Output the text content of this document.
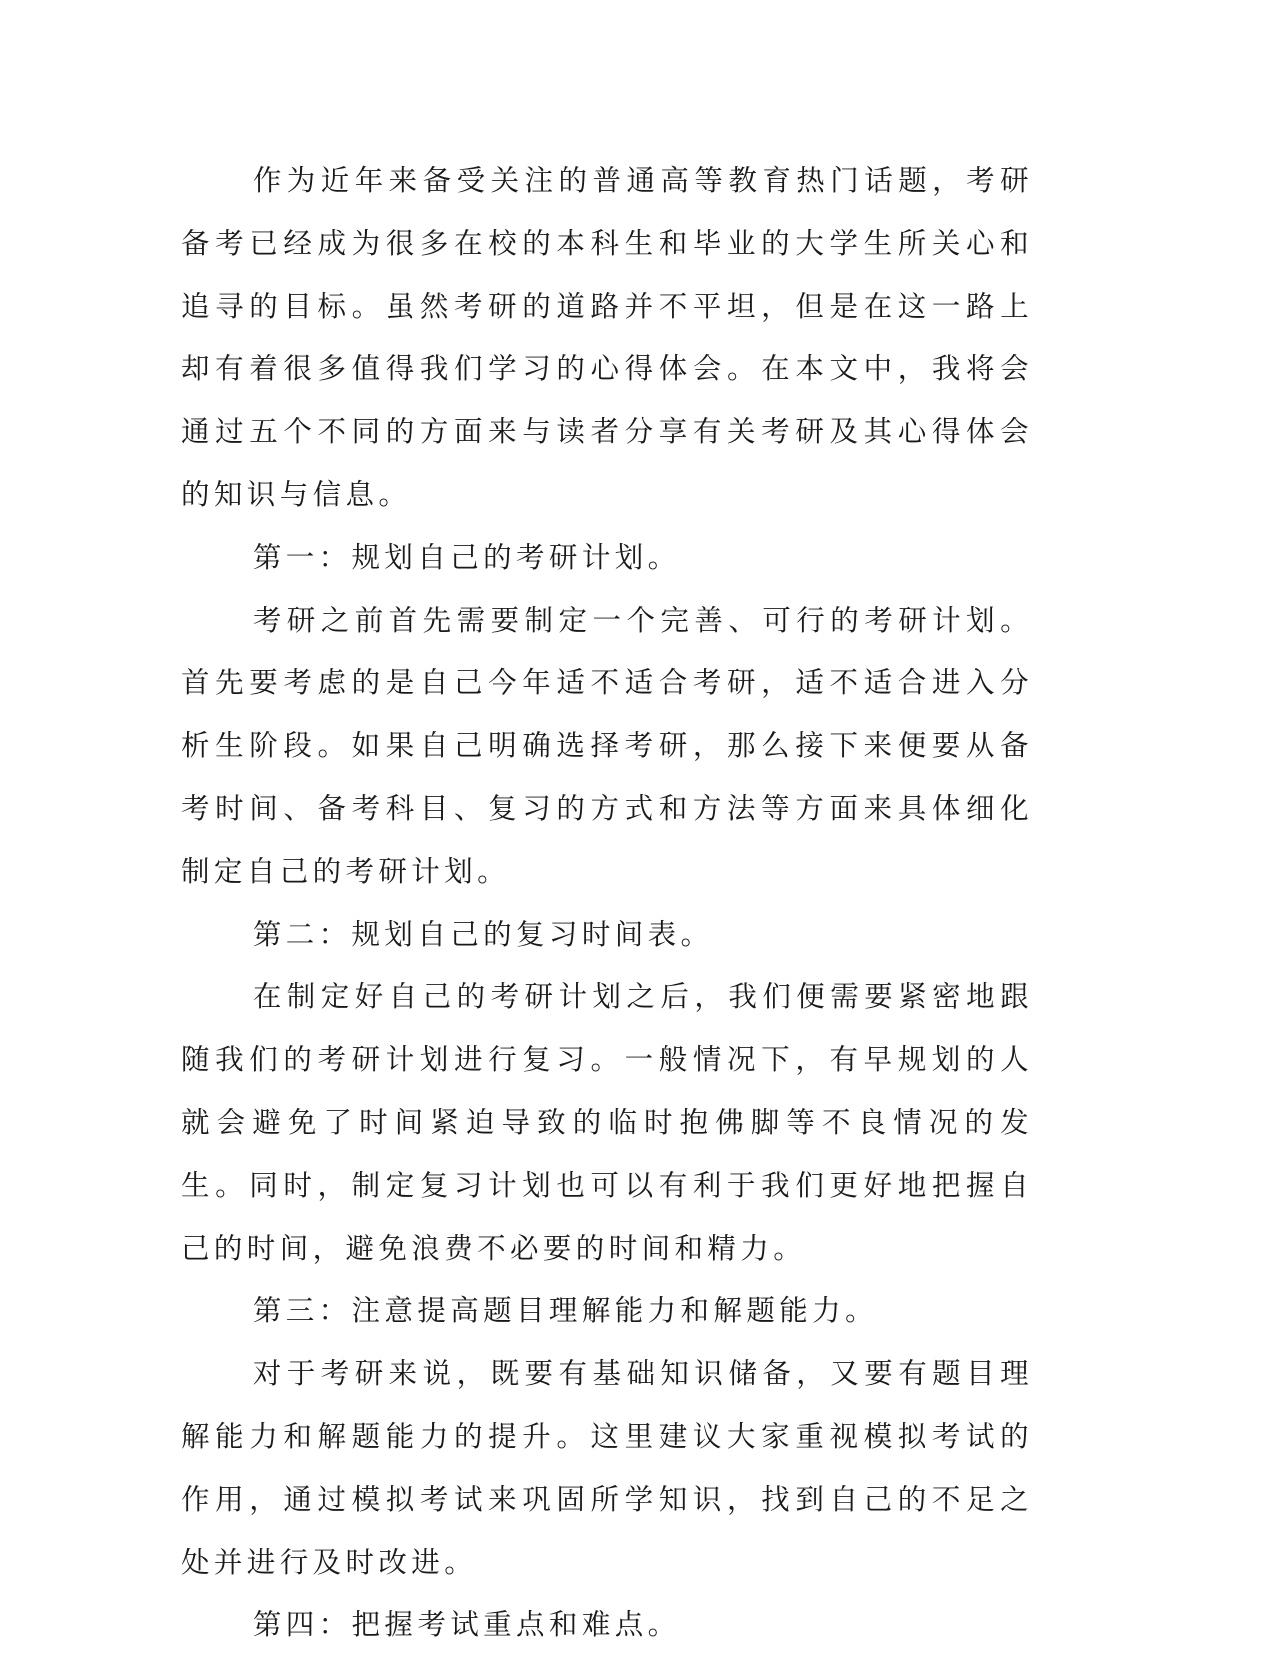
作为近年来备受关注的普通高等教育热门话题，考研备考已经成为很多在校的本科生和毕业的大学生所关心和追寻的目标。虽然考研的道路并不平坦，但是在这一路上却有着很多值得我们学习的心得体会。在本文中，我将会通过五个不同的方面来与读者分享有关考研及其心得体会的知识与信息。

第一：规划自己的考研计划。

考研之前首先需要制定一个完善、可行的考研计划。首先要考虑的是自己今年适不适合考研，适不适合进入分析生阶段。如果自己明确选择考研，那么接下来便要从备考时间、备考科目、复习的方式和方法等方面来具体细化制定自己的考研计划。

第二：规划自己的复习时间表。

在制定好自己的考研计划之后，我们便需要紧密地跟随我们的考研计划进行复习。一般情况下，有早规划的人就会避免了时间紧迫导致的临时抱佛脚等不良情况的发生。同时，制定复习计划也可以有利于我们更好地把握自己的时间，避免浪费不必要的时间和精力。

第三：注意提高题目理解能力和解题能力。

对于考研来说，既要有基础知识储备，又要有题目理解能力和解题能力的提升。这里建议大家重视模拟考试的作用，通过模拟考试来巩固所学知识，找到自己的不足之处并进行及时改进。

第四：把握考试重点和难点。
